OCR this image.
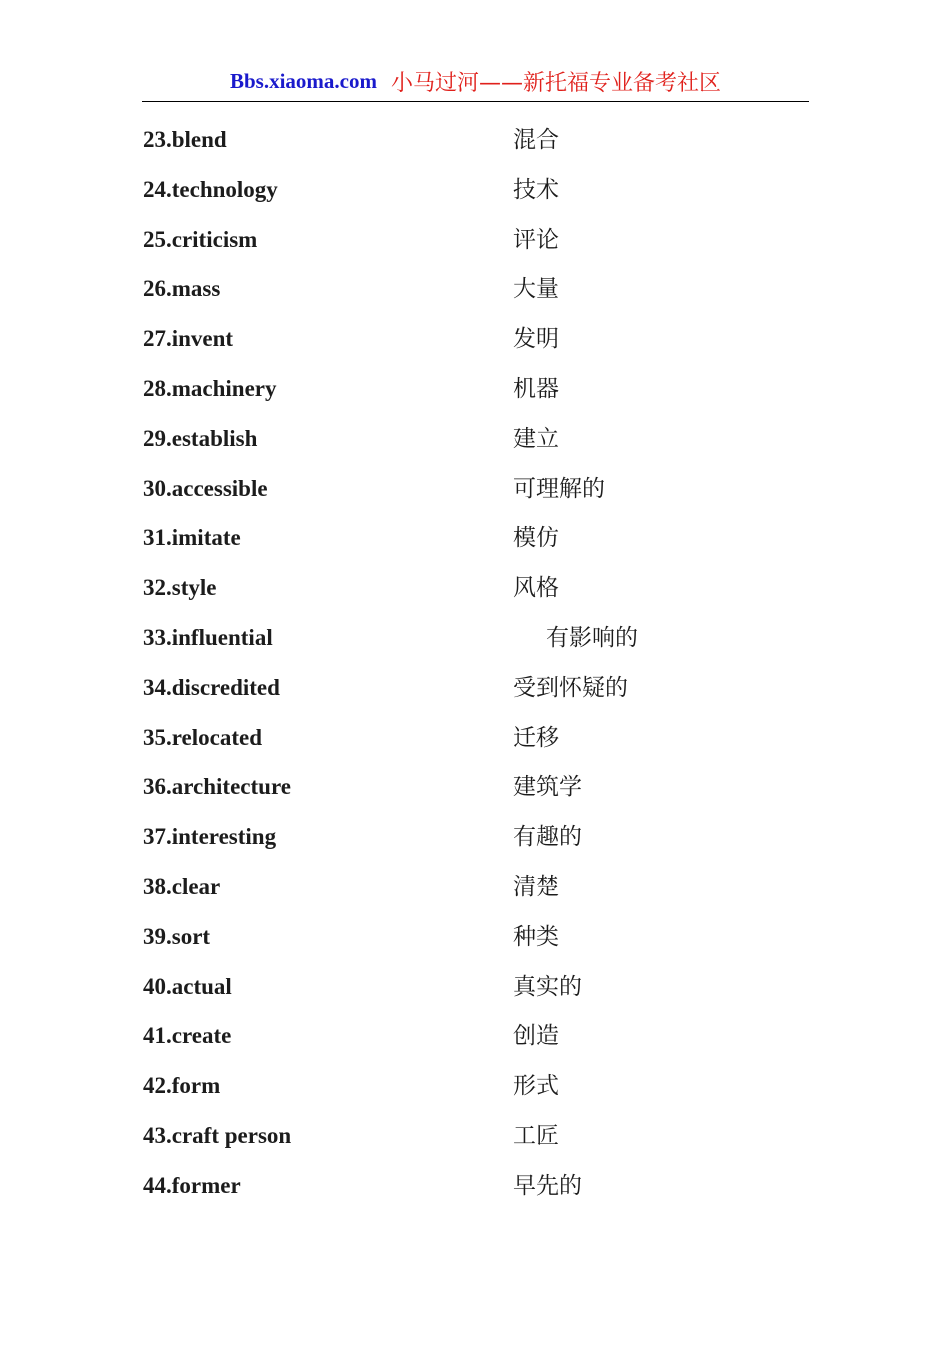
Bbs.xiaoma.com 小马过河——新托福专业备考社区
23.blend	混合
24.technology	技术
25.criticism	评论
26.mass	大量
27.invent	发明
28.machinery	机器
29.establish	建立
30.accessible	可理解的
31.imitate	模仿
32.style	风格
33.influential	有影响的
34.discredited	受到怀疑的
35.relocated	迁移
36.architecture	建筑学
37.interesting	有趣的
38.clear	清楚
39.sort	种类
40.actual	真实的
41.create	创造
42.form	形式
43.craft person	工匠
44.former	早先的
